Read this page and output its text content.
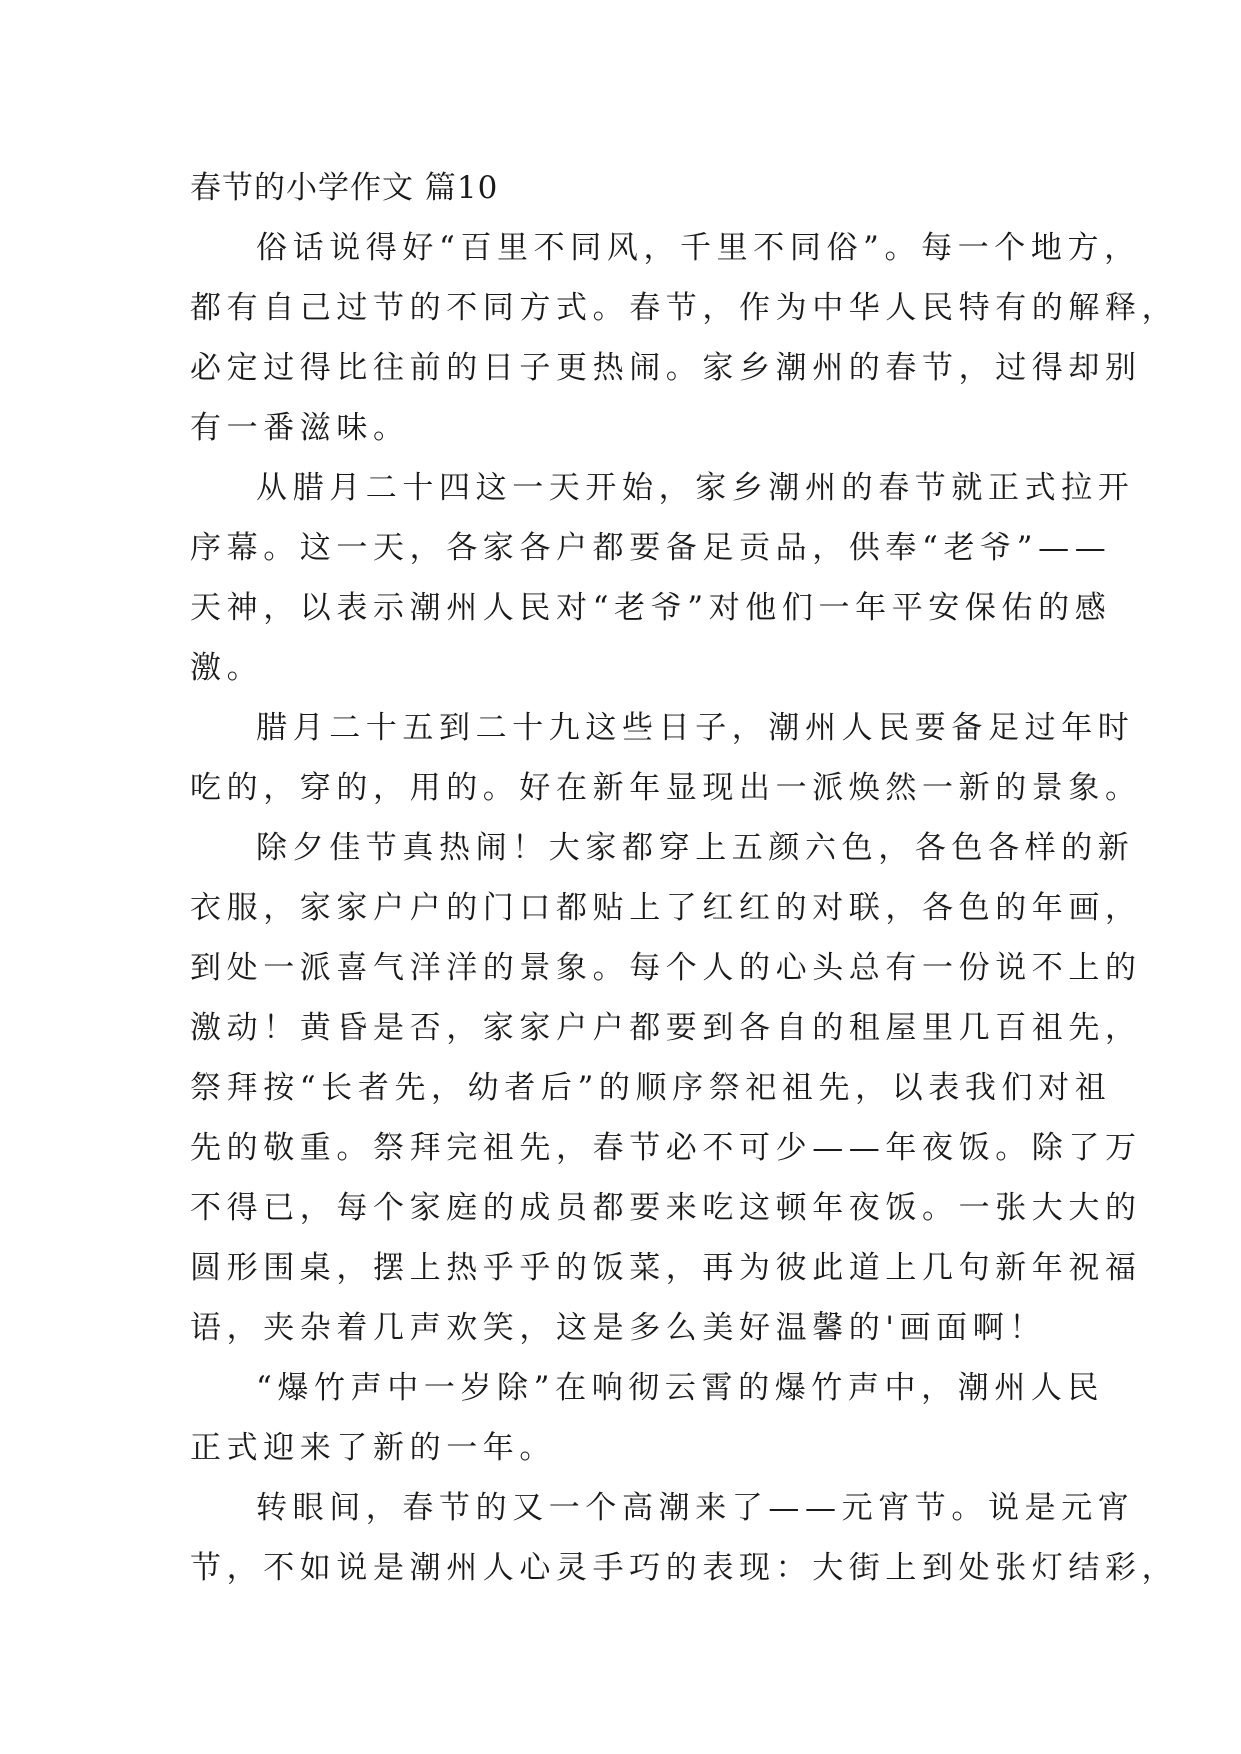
春节的小学作文 篇10
俗话说得好“百里不同风，千里不同俗”。每一个地方，
都有自己过节的不同方式。春节，作为中华人民特有的解释，
必定过得比往前的日子更热闹。家乡潮州的春节，过得却别
有一番滋味。
从腊月二十四这一天开始，家乡潮州的春节就正式拉开
序幕。这一天，各家各户都要备足贡品，供奉“老爷”——
天神，以表示潮州人民对“老爷”对他们一年平安保佑的感
激。
腊月二十五到二十九这些日子，潮州人民要备足过年时
吃的，穿的，用的。好在新年显现出一派焕然一新的景象。
除夕佳节真热闹！大家都穿上五颜六色，各色各样的新
衣服，家家户户的门口都贴上了红红的对联，各色的年画，
到处一派喜气洋洋的景象。每个人的心头总有一份说不上的
激动！黄昏是否，家家户户都要到各自的租屋里几百祖先，
祭拜按“长者先，幼者后”的顺序祭祀祖先，以表我们对祖
先的敬重。祭拜完祖先，春节必不可少——年夜饭。除了万
不得已，每个家庭的成员都要来吃这顿年夜饭。一张大大的
圆形围桌，摆上热乎乎的饭菜，再为彼此道上几句新年祝福
语，夹杂着几声欢笑，这是多么美好温馨的'画面啊！
“爆竹声中一岁除”在响彻云霄的爆竹声中，潮州人民
正式迎来了新的一年。
转眼间，春节的又一个高潮来了——元宵节。说是元宵
节，不如说是潮州人心灵手巧的表现：大街上到处张灯结彩，
